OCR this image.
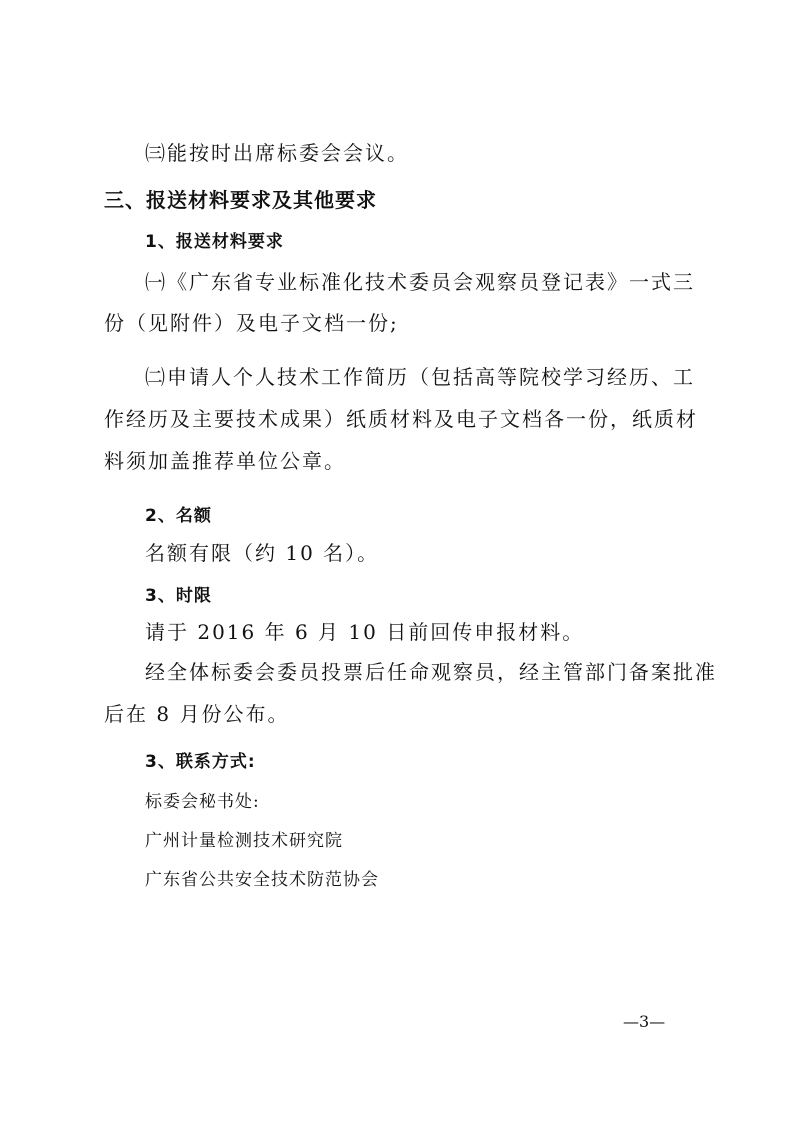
㈢能按时出席标委会会议。
三、报送材料要求及其他要求
1、报送材料要求
㈠《广东省专业标准化技术委员会观察员登记表》一式三
份（见附件）及电子文档一份;
㈡申请人个人技术工作简历（包括高等院校学习经历、工
作经历及主要技术成果）纸质材料及电子文档各一份，纸质材
料须加盖推荐单位公章。
2、名额
名额有限（约 10 名）。
3、时限
请于 2016 年 6 月 10 日前回传申报材料。
经全体标委会委员投票后任命观察员，经主管部门备案批准
后在 8 月份公布。
3、联系方式:
标委会秘书处:
广州计量检测技术研究院
广东省公共安全技术防范协会
—3—
